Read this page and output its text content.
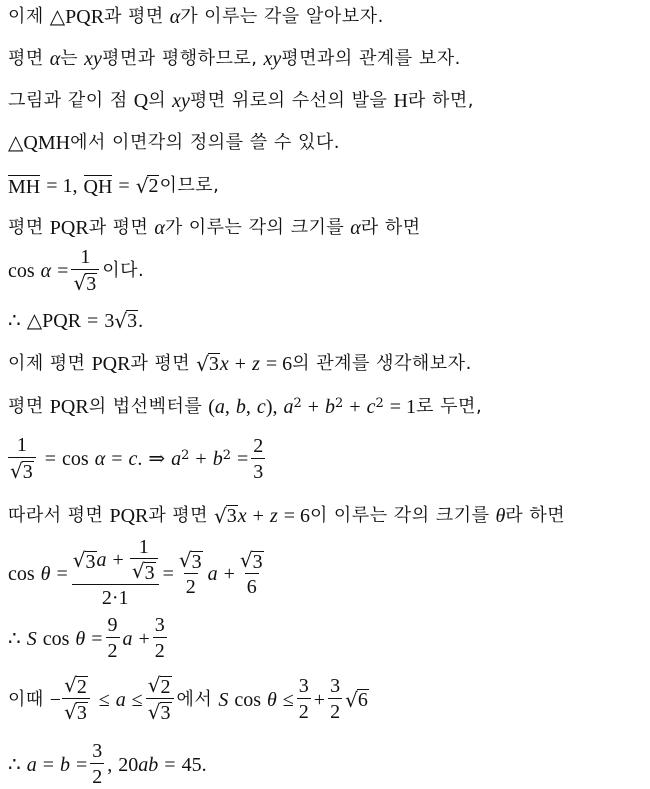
이제 △ PQR 과 평면 α 가 이루는 각을 알아보자.
평면 α 는 xy 평면과 평행하므로, xy 평면과의 관계를 보자.
그림과 같이 점 Q 의 xy 평면 위로의 수선의 발을 H 라 하면,
△ QMH 에서 이면각의 정의를 쓸 수 있다.
MH = 1, QH = √ 2 이므로,
평면 PQR 과 평면 α 가 이루는 각의 크기를 α 라 하면
$\cos \alpha = \frac{1}{√ 3}$ 이다.
∴ △ PQR = 3 √ 3 .
이제 평면 PQR 과 평면 √ 3 x + z = 6 의 관계를 생각해보자.
평면 PQR 의 법선벡터를 ( a , b , c ) , $a^2 + b^2 + c^2 = 1$ 로 두면,
$\frac{1}{√ 3} = \cos \alpha = c$ . ⇒ $a^2 + b^2 = \frac{2}{3}$
따라서 평면 PQR 과 평면 √ 3 x + z = 6 이 이루는 각의 크기를 θ 라 하면
$\cos \theta = \frac{√ 3 a + \frac{1}{√ 3}}{2\cdot 1} = \frac{√ 3}{2}$ $a + \frac{√ 3}{6}$
∴ S $\cos \theta = \frac{9}{2}$ $a + \frac{3}{2}$
이때 − $\frac{√ 2}{√ 3} \le a \le \frac{√ 2}{√ 3}$ 에서 S $\cos \theta \le \frac{3}{2} + \frac{3}{2}$ √ 6
∴ $a = b = \frac{3}{2}$ , 20 ab = 45.
